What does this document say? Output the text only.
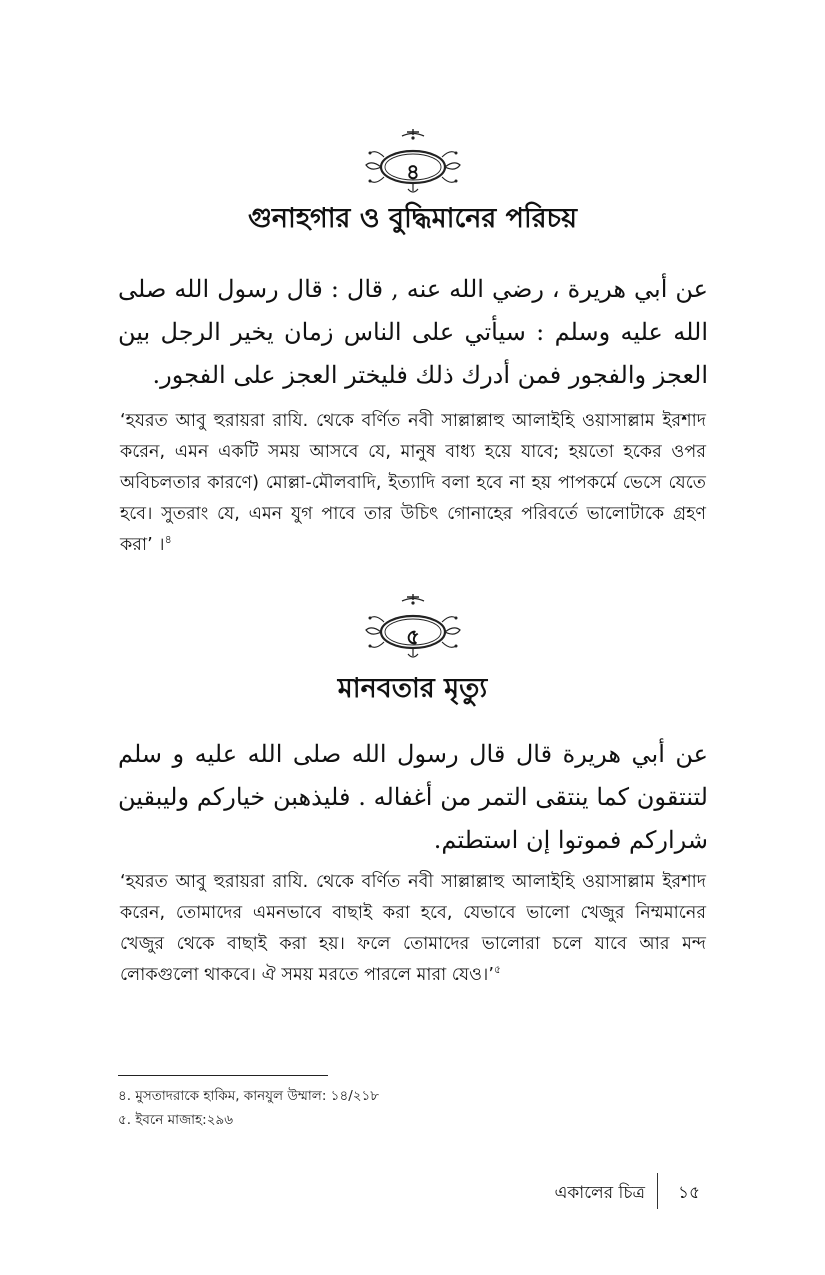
৪
গুনাহগার ও বুদ্ধিমানের পরিচয়
عن أبي هريرة ، رضي الله عنه , قال : قال رسول الله صلى الله عليه وسلم : سيأتي على الناس زمان يخير الرجل بين العجز والفجور فمن أدرك ذلك فليختر العجز على الفجور.
‘হযরত আবু হুরায়রা রাযি. থেকে বর্ণিত নবী সাল্লাল্লাহু আলাইহি ওয়াসাল্লাম ইরশাদ করেন, এমন একটি সময় আসবে যে, মানুষ বাধ্য হয়ে যাবে; হয়তো হকের ওপর অবিচলতার কারণে) মোল্লা-মৌলবাদি, ইত্যাদি বলা হবে না হয় পাপকর্মে ভেসে যেতে হবে। সুতরাং যে, এমন যুগ পাবে তার উচিৎ গোনাহের পরিবর্তে ভালোটাকে গ্রহণ করা’ ।$^৪$
৫
মানবতার মৃত্যু
عن أبي هريرة قال قال رسول الله صلى الله عليه و سلم لتنتقون كما ينتقى التمر من أغفاله . فليذهبن خياركم وليبقين شراركم فموتوا إن استطتم.
‘হযরত আবু হুরায়রা রাযি. থেকে বর্ণিত নবী সাল্লাল্লাহু আলাইহি ওয়াসাল্লাম ইরশাদ করেন, তোমাদের এমনভাবে বাছাই করা হবে, যেভাবে ভালো খেজুর নিম্মমানের খেজুর থেকে বাছাই করা হয়। ফলে তোমাদের ভালোরা চলে যাবে আর মন্দ লোকগুলো থাকবে। ঐ সময় মরতে পারলে মারা যেও।’$^৫$
৪. মুসতাদরাকে হাকিম, কানযুল উম্মাল: ১৪/২১৮
৫. ইবনে মাজাহ:২৯৬
একালের চিত্র ১৫
